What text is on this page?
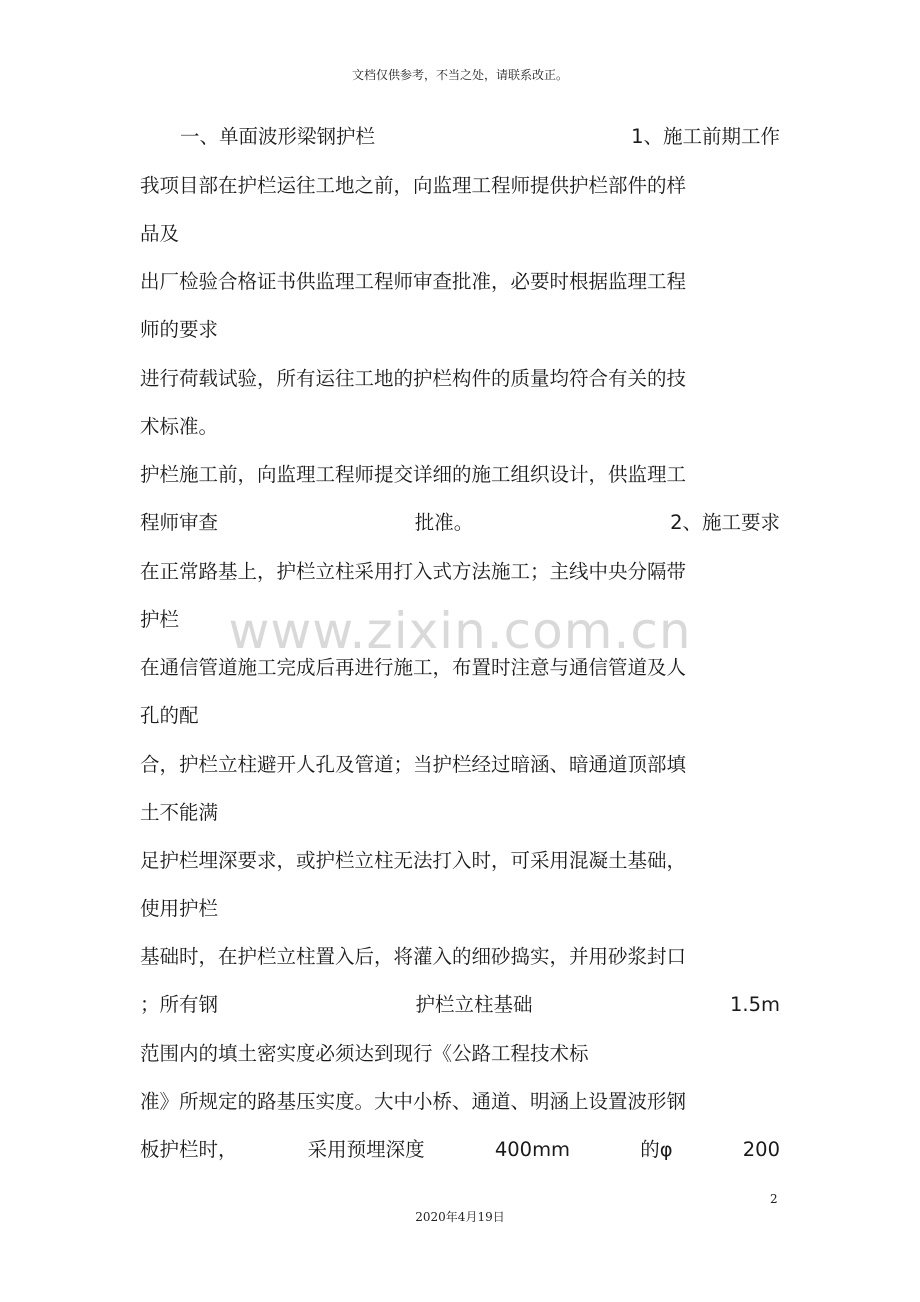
文档仅供参考，不当之处，请联系改正。
www.zixin.com.cn
一、单面波形梁钢护栏	1、施工前期工作
我项目部在护栏运往工地之前，向监理工程师提供护栏部件的样
品及
出厂检验合格证书供监理工程师审查批准，必要时根据监理工程
师的要求
进行荷载试验，所有运往工地的护栏构件的质量均符合有关的技
术标准。
护栏施工前，向监理工程师提交详细的施工组织设计，供监理工
程师审查	批准。	2、施工要求
在正常路基上，护栏立柱采用打入式方法施工；主线中央分隔带
护栏
在通信管道施工完成后再进行施工，布置时注意与通信管道及人
孔的配
合，护栏立柱避开人孔及管道；当护栏经过暗涵、暗通道顶部填
土不能满
足护栏埋深要求，或护栏立柱无法打入时，可采用混凝土基础，
使用护栏
基础时，在护栏立柱置入后，将灌入的细砂捣实，并用砂浆封口
；所有钢	护栏立柱基础	1.5m
范围内的填土密实度必须达到现行《公路工程技术标
准》所规定的路基压实度。大中小桥、通道、明涵上设置波形钢
板护栏时，	采用预埋深度	400mm	的φ	200
2
2020年4月19日
